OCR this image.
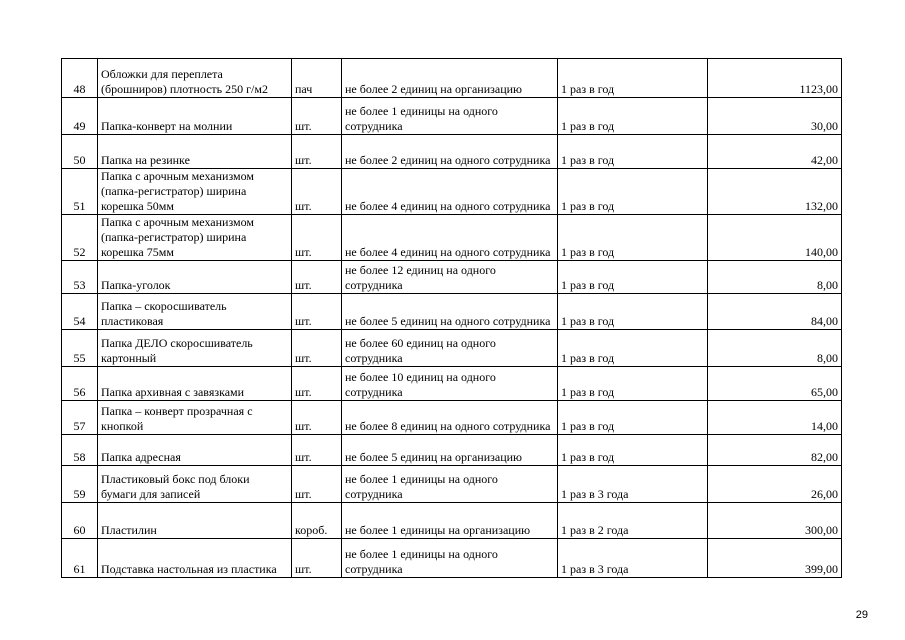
48	Обложки для переплета (брошниров) плотность 250 г/м2	пач	не более 2 единиц на организацию	1 раз в год	1123,00
49	Папка-конверт на молнии	шт.	не более 1 единицы на одного сотрудника	1 раз в год	30,00
50	Папка на резинке	шт.	не более 2 единиц на одного сотрудника	1 раз в год	42,00
51	Папка с арочным механизмом (папка-регистратор) ширина корешка 50мм	шт.	не более 4 единиц на одного сотрудника	1 раз в год	132,00
52	Папка с арочным механизмом (папка-регистратор) ширина корешка 75мм	шт.	не более 4 единиц на одного сотрудника	1 раз в год	140,00
53	Папка-уголок	шт.	не более 12 единиц на одного сотрудника	1 раз в год	8,00
54	Папка – скоросшиватель пластиковая	шт.	не более 5 единиц на одного сотрудника	1 раз в год	84,00
55	Папка ДЕЛО скоросшиватель картонный	шт.	не более 60 единиц на одного сотрудника	1 раз в год	8,00
56	Папка архивная с завязками	шт.	не более 10 единиц на одного сотрудника	1 раз в год	65,00
57	Папка – конверт прозрачная с кнопкой	шт.	не более 8 единиц на одного сотрудника	1 раз в год	14,00
58	Папка адресная	шт.	не более 5 единиц на организацию	1 раз в год	82,00
59	Пластиковый бокс под блоки бумаги для записей	шт.	не более 1 единицы на одного сотрудника	1 раз в 3 года	26,00
60	Пластилин	короб.	не более 1 единицы на организацию	1 раз в 2 года	300,00
61	Подставка настольная из пластика	шт.	не более 1 единицы на одного сотрудника	1 раз в 3 года	399,00
29
